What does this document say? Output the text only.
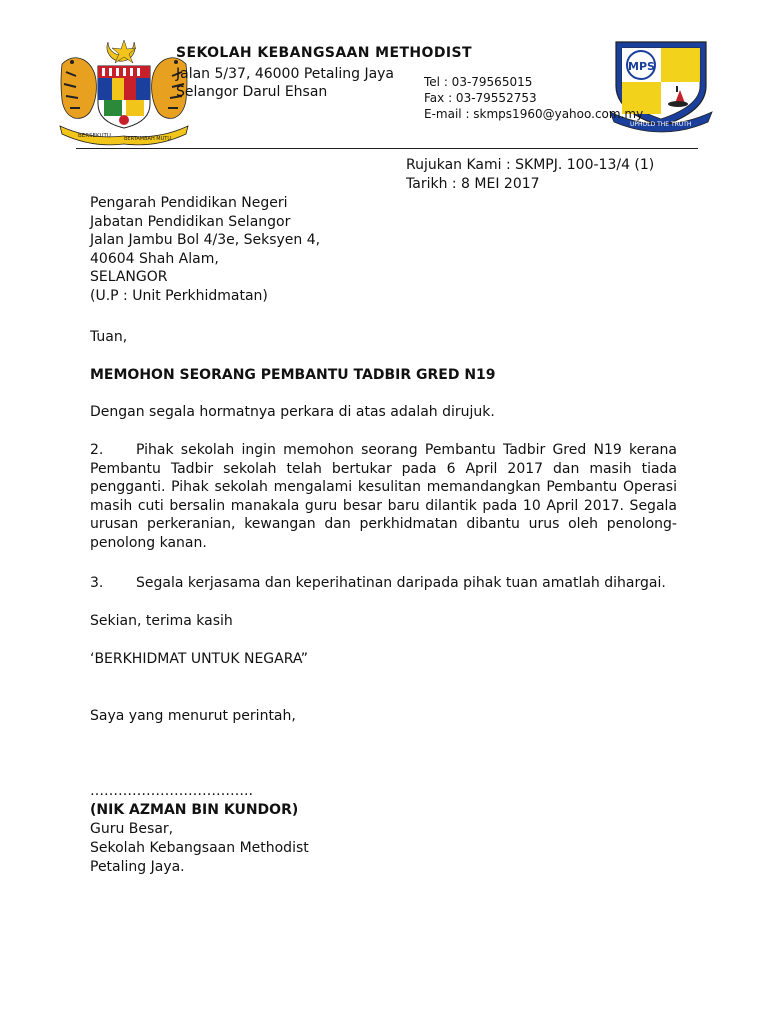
BERSEKUTU	BERTAMBAH MUTU
MPS
UPHOLD THE TRUTH
SEKOLAH KEBANGSAAN METHODIST
Jalan 5/37, 46000 Petaling Jaya
Selangor Darul Ehsan
Tel : 03-79565015
Fax : 03-79552753
E-mail : skmps1960@yahoo.com.my
Rujukan Kami : SKMPJ. 100-13/4 (1)
Tarikh : 8 MEI 2017
Pengarah Pendidikan Negeri
Jabatan Pendidikan Selangor
Jalan Jambu Bol 4/3e, Seksyen 4,
40604 Shah Alam,
SELANGOR
(U.P : Unit Perkhidmatan)
Tuan,
MEMOHON SEORANG PEMBANTU TADBIR GRED N19
Dengan segala hormatnya perkara di atas adalah dirujuk.
2. Pihak sekolah ingin memohon seorang Pembantu Tadbir Gred N19 kerana Pembantu Tadbir sekolah telah bertukar pada 6 April 2017 dan masih tiada pengganti. Pihak sekolah mengalami kesulitan memandangkan Pembantu Operasi masih cuti bersalin manakala guru besar baru dilantik pada 10 April 2017. Segala urusan perkeranian, kewangan dan perkhidmatan dibantu urus oleh penolong-penolong kanan.
3. Segala kerjasama dan keperihatinan daripada pihak tuan amatlah dihargai.
Sekian, terima kasih
‘BERKHIDMAT UNTUK NEGARA”
Saya yang menurut perintah,
……………………………..
(NIK AZMAN BIN KUNDOR)
Guru Besar,
Sekolah Kebangsaan Methodist
Petaling Jaya.
